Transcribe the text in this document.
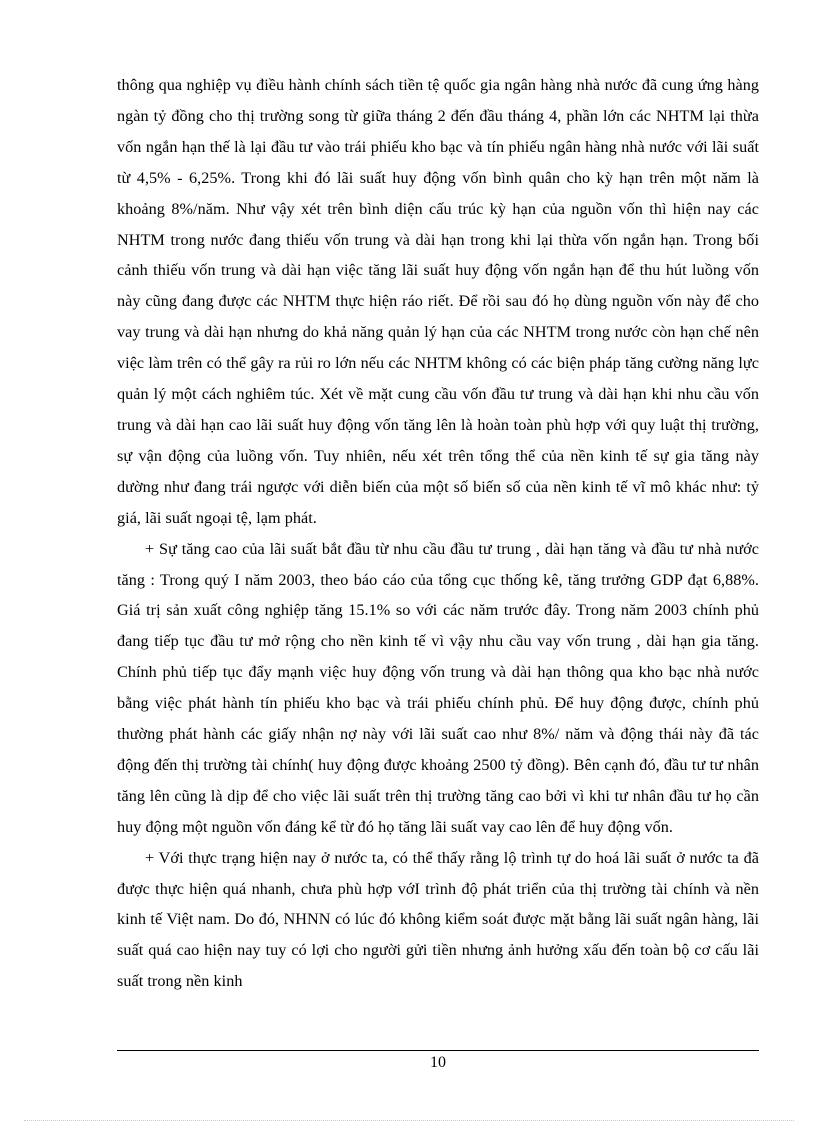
thông qua nghiệp vụ điều hành chính sách tiền tệ quốc gia ngân hàng nhà nước đã cung ứng hàng ngàn tỷ đồng cho thị trường song từ giữa tháng 2 đến đầu tháng 4, phần lớn các NHTM lại thừa vốn ngắn hạn thế là lại đầu tư vào trái phiếu kho bạc và tín phiếu ngân hàng nhà nước với lãi suất từ 4,5% - 6,25%. Trong khi đó lãi suất huy động vốn bình quân cho kỳ hạn trên một năm là khoảng 8%/năm. Như vậy xét trên bình diện cấu trúc kỳ hạn của nguồn vốn thì hiện nay các NHTM trong nước đang thiếu vốn trung và dài hạn trong khi lại thừa vốn ngắn hạn. Trong bối cảnh thiếu vốn trung và dài hạn việc tăng lãi suất huy động vốn ngắn hạn để thu hút luồng vốn này cũng đang được các NHTM thực hiện ráo riết. Để rồi sau đó họ dùng nguồn vốn này để cho vay trung và dài hạn nhưng do khả năng quản lý hạn của các NHTM trong nước còn hạn chế nên việc làm trên có thể gây ra rủi ro lớn nếu các NHTM không có các biện pháp tăng cường năng lực quản lý một cách nghiêm túc. Xét về mặt cung cầu vốn đầu tư trung và dài hạn khi nhu cầu vốn trung và dài hạn cao lãi suất huy động vốn tăng lên là hoàn toàn phù hợp với quy luật thị trường, sự vận động của luồng vốn. Tuy nhiên, nếu xét trên tổng thể của nền kinh tế sự gia tăng này dường như đang trái ngược với diễn biến của một số biến số của nền kinh tế vĩ mô khác như: tỷ giá, lãi suất ngoại tệ, lạm phát.

+ Sự tăng cao của lãi suất bắt đầu từ nhu cầu đầu tư trung , dài hạn tăng và đầu tư nhà nước tăng : Trong quý I năm 2003, theo báo cáo của tổng cục thống kê, tăng trưởng GDP đạt 6,88%. Giá trị sản xuất công nghiệp tăng 15.1% so với các năm trước đây. Trong năm 2003 chính phủ đang tiếp tục đầu tư mở rộng cho nền kinh tế vì vậy nhu cầu vay vốn trung , dài hạn gia tăng. Chính phủ tiếp tục đẩy mạnh việc huy động vốn trung và dài hạn thông qua kho bạc nhà nước bằng việc phát hành tín phiếu kho bạc và trái phiếu chính phủ. Để huy động được, chính phủ thường phát hành các giấy nhận nợ này với lãi suất cao như 8%/ năm và động thái này đã tác động đến thị trường tài chính( huy động được khoảng 2500 tỷ đồng). Bên cạnh đó, đầu tư tư nhân tăng lên cũng là dịp để cho việc lãi suất trên thị trường tăng cao bởi vì khi tư nhân đầu tư họ cần huy động một nguồn vốn đáng kể từ đó họ tăng lãi suất vay cao lên để huy động vốn.

+ Với thực trạng hiện nay ở nước ta, có thể thấy rằng lộ trình tự do hoá lãi suất ở nước ta đã được thực hiện quá nhanh, chưa phù hợp vớI trình độ phát triển của thị trường tài chính và nền kinh tế Việt nam. Do đó, NHNN có lúc đó không kiểm soát được mặt bằng lãi suất ngân hàng, lãi suất quá cao hiện nay tuy có lợi cho người gửi tiền nhưng ảnh hưởng xấu đến toàn bộ cơ cấu lãi suất trong nền kinh

10
